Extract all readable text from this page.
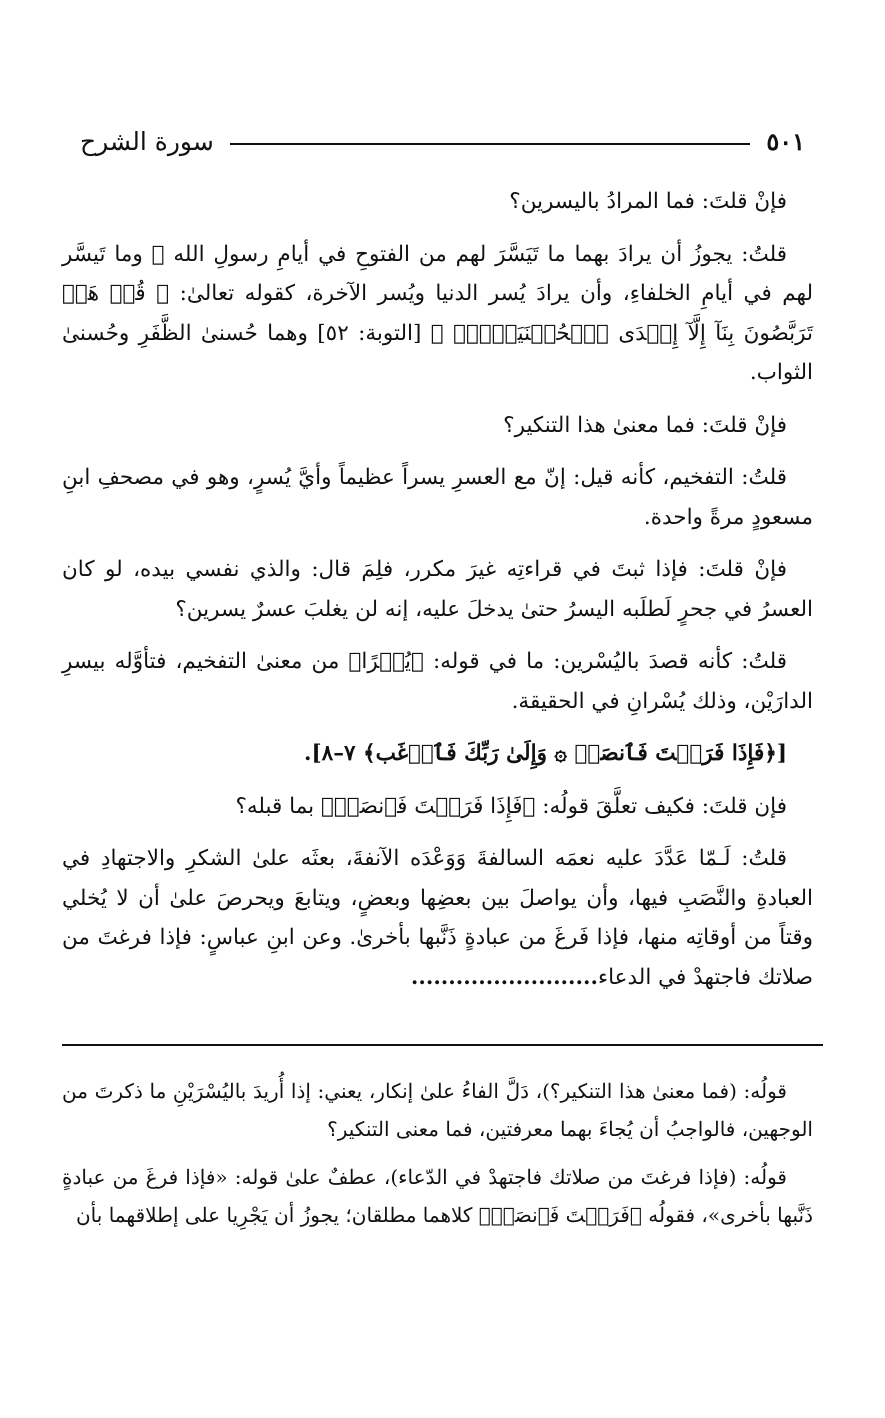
سورة الشرح	٥٠١

فإنْ قلتَ: فما المرادُ باليسرين؟

قلتُ: يجوزُ أن يرادَ بهما ما تَيَسَّرَ لهم من الفتوحِ في أيامِ رسولِ الله ﷺ وما تَيسَّر لهم في أيامِ الخلفاءِ، وأن يرادَ يُسر الدنيا ويُسر الآخرة، كقوله تعالىٰ: ﴿ قُلۡ هَلۡ تَرَبَّصُونَ بِنَآ إِلَّآ إِحۡدَى ٱلۡحُسۡنَيَيۡنِۖ ﴾ [التوبة: ٥٢] وهما حُسنىٰ الظَّفَرِ وحُسنىٰ الثواب.

فإنْ قلتَ: فما معنىٰ هذا التنكير؟

قلتُ: التفخيم، كأنه قيل: إنّ مع العسرِ يسراً عظيماً وأيَّ يُسرٍ، وهو في مصحفِ ابنِ مسعودٍ مرةً واحدة.

فإنْ قلتَ: فإذا ثبتَ في قراءتِه غيرَ مكرر، فلِمَ قال: والذي نفسي بيده، لو كان العسرُ في جحرٍ لَطلَبه اليسرُ حتىٰ يدخلَ عليه، إنه لن يغلبَ عسرٌ يسرين؟

قلتُ: كأنه قصدَ باليُسْرين: ما في قوله: ﴿يُسۡرًا﴾ من معنىٰ التفخيم، فتأوَّله بيسرِ الدارَيْن، وذلك يُسْرانِ في الحقيقة.

[﴿فَإِذَا فَرَغۡتَ فَٱنصَبۡ ۞ وَإِلَىٰ رَبِّكَ فَٱرۡغَب﴾ ٧–٨].

فإن قلتَ: فكيف تعلَّقَ قولُه: ﴿فَإِذَا فَرَغۡتَ فَٱنصَبۡ﴾ بما قبله؟

قلتُ: لَـمّا عَدَّدَ عليه نعمَه السالفةَ وَوَعْدَه الآنفةَ، بعثَه علىٰ الشكرِ والاجتهادِ في العبادةِ والنَّصَبِ فيها، وأن يواصلَ بين بعضِها وبعضٍ، ويتابعَ ويحرصَ علىٰ أن لا يُخلي وقتاً من أوقاتِه منها، فإذا فَرغَ من عبادةٍ ذَنَّبها بأخرىٰ. وعن ابنِ عباسٍ: فإذا فرغتَ من صلاتك فاجتهدْ في الدعاء.........................

قولُه: (فما معنىٰ هذا التنكير؟)، دَلَّ الفاءُ علىٰ إنكار، يعني: إذا أُريدَ باليُسْرَيْنِ ما ذكرتَ من الوجهين، فالواجبُ أن يُجاءَ بهما معرفتين، فما معنى التنكير؟

قولُه: (فإذا فرغتَ من صلاتك فاجتهدْ في الدّعاء)، عطفٌ علىٰ قوله: «فإذا فرغَ من عبادةٍ ذَنَّبها بأخرى»، فقولُه ﴿فَرَغۡتَ فَٱنصَبۡ﴾ كلاهما مطلقان؛ يجوزُ أن يَجْرِيا على إطلاقهما بأن
